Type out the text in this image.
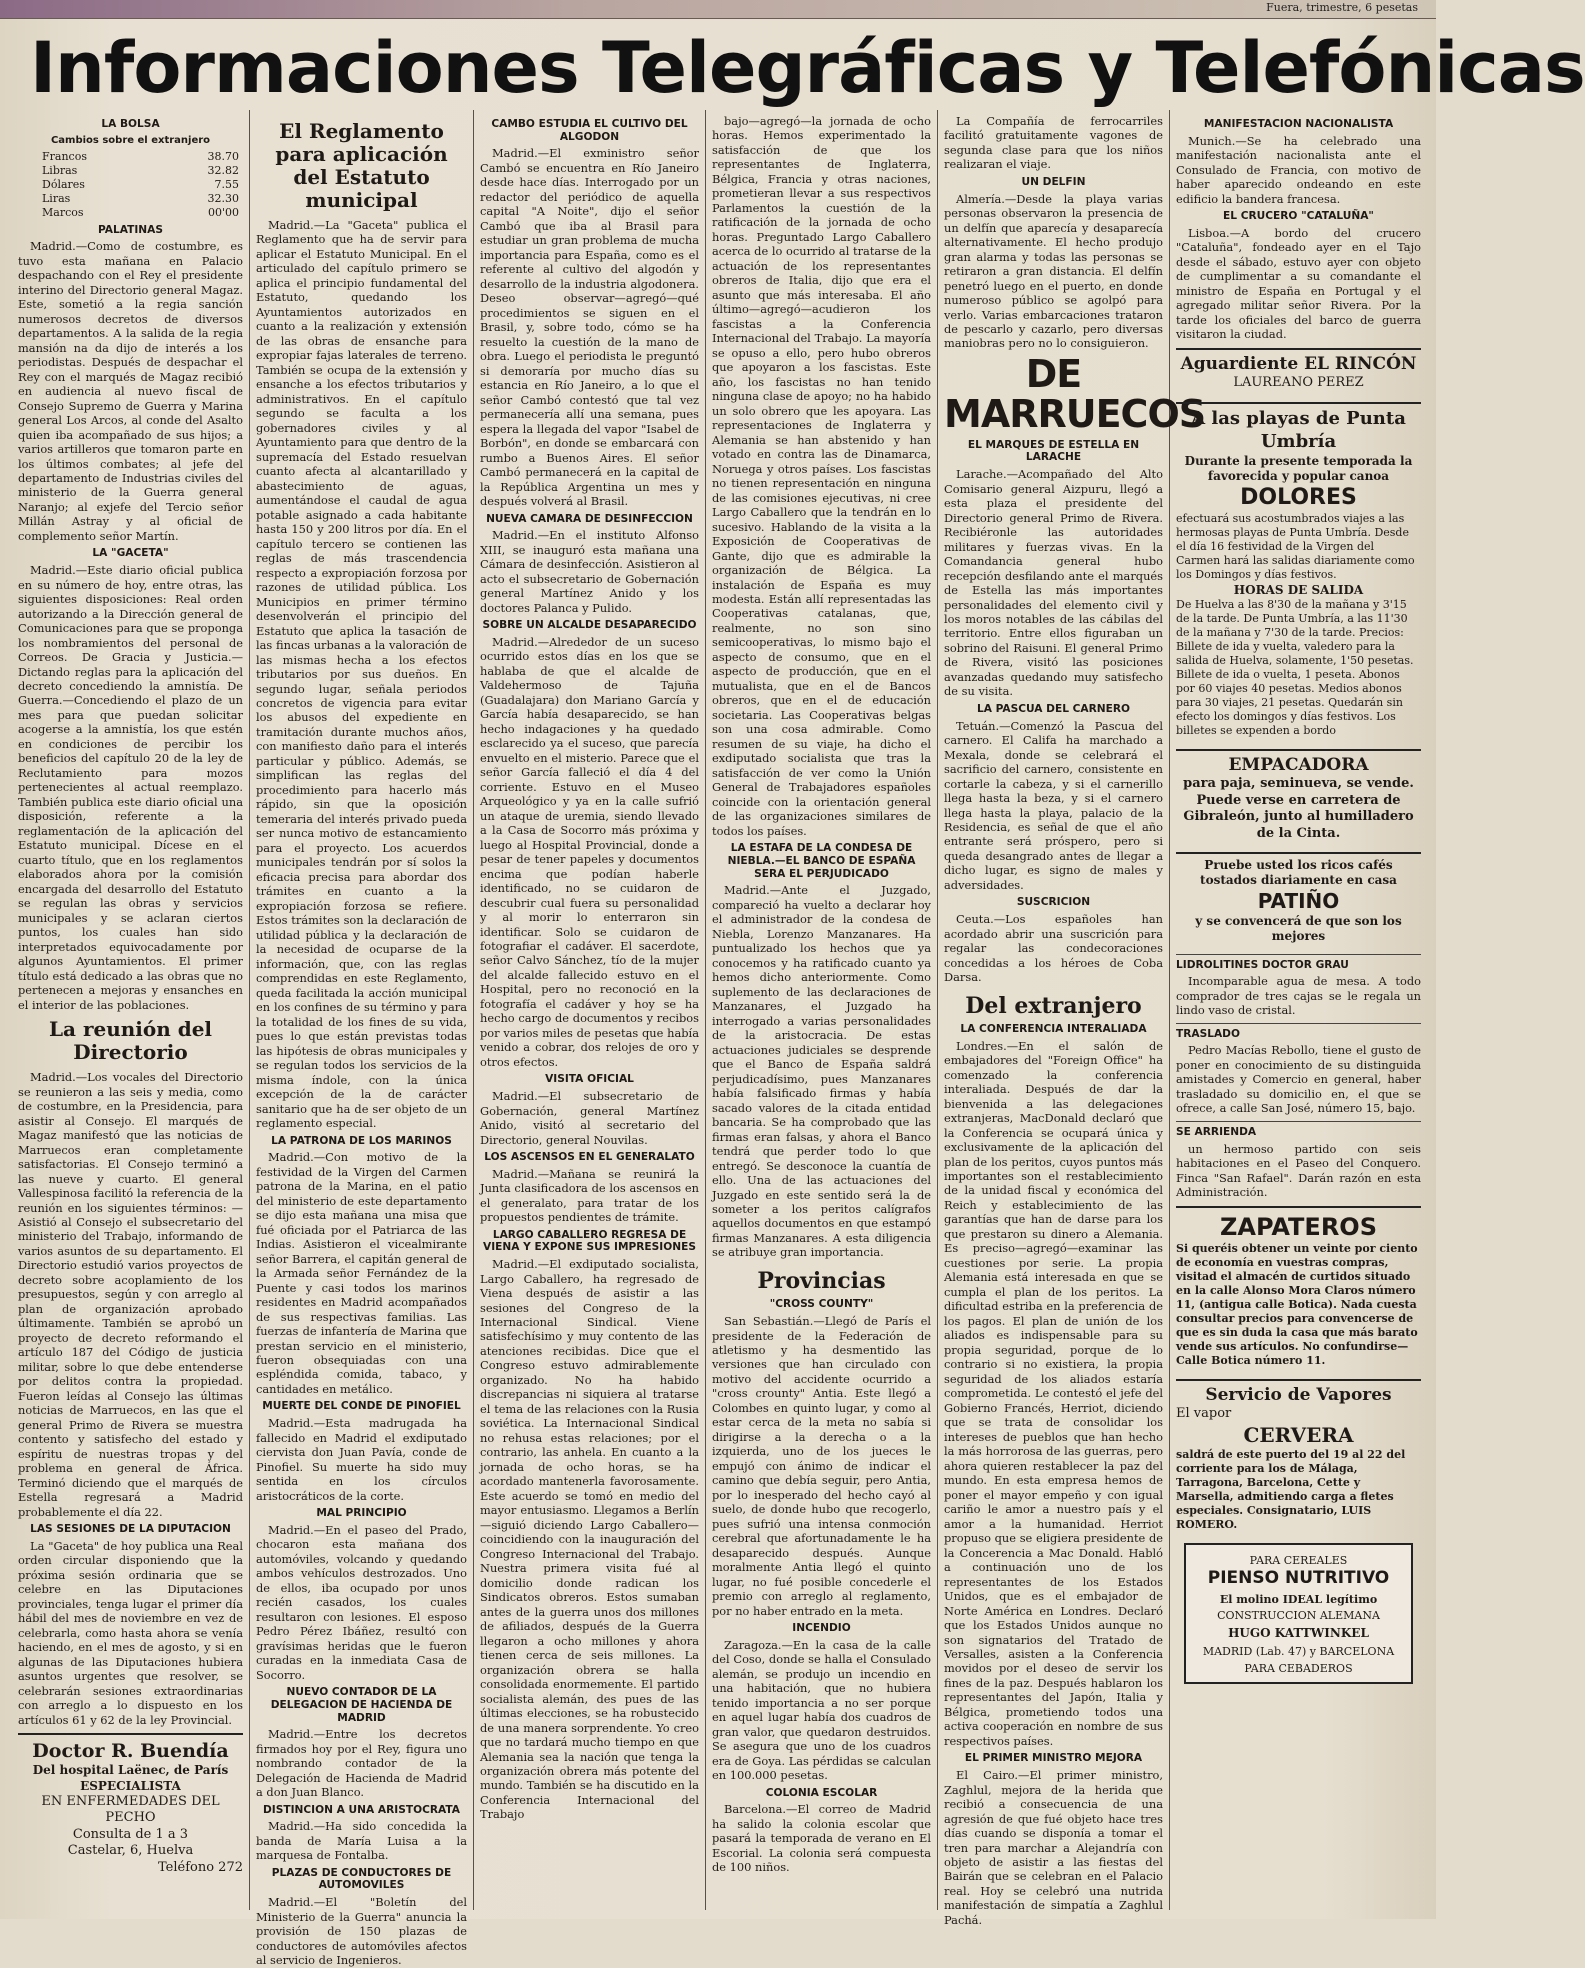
Fuera, trimestre, 6 pesetas
Informaciones Telegráficas y Telefónicas
LA BOLSA
Cambios sobre el extranjero
Francos	38.70
Libras	32.82
Dólares	7.55
Liras	32.30
Marcos	00'00
PALATINAS

Madrid.—Como de costumbre, es tuvo esta mañana en Palacio despachando con el Rey el presidente interino del Directorio general Magaz. Este, sometió a la regia sanción numerosos decretos de diversos departamentos. A la salida de la regia mansión na da dijo de interés a los periodistas. Después de despachar el Rey con el marqués de Magaz recibió en audiencia al nuevo fiscal de Consejo Supremo de Guerra y Marina general Los Arcos, al conde del Asalto quien iba acompañado de sus hijos; a varios artilleros que tomaron parte en los últimos combates; al jefe del departamento de Industrias civiles del ministerio de la Guerra general Naranjo; al exjefe del Tercio señor Millán Astray y al oficial de complemento señor Martín.

LA "GACETA"

Madrid.—Este diario oficial publica en su número de hoy, entre otras, las siguientes disposiciones: Real orden autorizando a la Dirección general de Comunicaciones para que se proponga los nombramientos del personal de Correos. De Gracia y Justicia.—Dictando reglas para la aplicación del decreto concediendo la amnistía. De Guerra.—Concediendo el plazo de un mes para que puedan solicitar acogerse a la amnistía, los que estén en condiciones de percibir los beneficios del capítulo 20 de la ley de Reclutamiento para mozos pertenecientes al actual reemplazo. También publica este diario oficial una disposición, referente a la reglamentación de la aplicación del Estatuto municipal. Dícese en el cuarto título, que en los reglamentos elaborados ahora por la comisión encargada del desarrollo del Estatuto se regulan las obras y servicios municipales y se aclaran ciertos puntos, los cuales han sido interpretados equivocadamente por algunos Ayuntamientos. El primer título está dedicado a las obras que no pertenecen a mejoras y ensanches en el interior de las poblaciones.

La reunión del Directorio

Madrid.—Los vocales del Directorio se reunieron a las seis y media, como de costumbre, en la Presidencia, para asistir al Consejo. El marqués de Magaz manifestó que las noticias de Marruecos eran completamente satisfactorias. El Consejo terminó a las nueve y cuarto. El general Vallespinosa facilitó la referencia de la reunión en los siguientes términos: —Asistió al Consejo el subsecretario del ministerio del Trabajo, informando de varios asuntos de su departamento. El Directorio estudió varios proyectos de decreto sobre acoplamiento de los presupuestos, según y con arreglo al plan de organización aprobado últimamente. También se aprobó un proyecto de decreto reformando el artículo 187 del Código de justicia militar, sobre lo que debe entenderse por delitos contra la propiedad. Fueron leídas al Consejo las últimas noticias de Marruecos, en las que el general Primo de Rivera se muestra contento y satisfecho del estado y espíritu de nuestras tropas y del problema en general de África. Terminó diciendo que el marqués de Estella regresará a Madrid probablemente el día 22.

LAS SESIONES DE LA DIPUTACION

La "Gaceta" de hoy publica una Real orden circular disponiendo que la próxima sesión ordinaria que se celebre en las Diputaciones provinciales, tenga lugar el primer día hábil del mes de noviembre en vez de celebrarla, como hasta ahora se venía haciendo, en el mes de agosto, y si en algunas de las Diputaciones hubiera asuntos urgentes que resolver, se celebrarán sesiones extraordinarias con arreglo a lo dispuesto en los artículos 61 y 62 de la ley Provincial.

Doctor R. Buendía
Del hospital Laënec, de París
ESPECIALISTA
EN ENFERMEDADES DEL PECHO
Consulta de 1 a 3
Castelar, 6, Huelva
Teléfono 272
El Reglamento para aplicación del Estatuto municipal

Madrid.—La "Gaceta" publica el Reglamento que ha de servir para aplicar el Estatuto Municipal. En el articulado del capítulo primero se aplica el principio fundamental del Estatuto, quedando los Ayuntamientos autorizados en cuanto a la realización y extensión de las obras de ensanche para expropiar fajas laterales de terreno. También se ocupa de la extensión y ensanche a los efectos tributarios y administrativos. En el capítulo segundo se faculta a los gobernadores civiles y al Ayuntamiento para que dentro de la supremacía del Estado resuelvan cuanto afecta al alcantarillado y abastecimiento de aguas, aumentándose el caudal de agua potable asignado a cada habitante hasta 150 y 200 litros por día. En el capítulo tercero se contienen las reglas de más trascendencia respecto a expropiación forzosa por razones de utilidad pública. Los Municipios en primer término desenvolverán el principio del Estatuto que aplica la tasación de las fincas urbanas a la valoración de las mismas hecha a los efectos tributarios por sus dueños. En segundo lugar, señala periodos concretos de vigencia para evitar los abusos del expediente en tramitación durante muchos años, con manifiesto daño para el interés particular y público. Además, se simplifican las reglas del procedimiento para hacerlo más rápido, sin que la oposición temeraria del interés privado pueda ser nunca motivo de estancamiento para el proyecto. Los acuerdos municipales tendrán por sí solos la eficacia precisa para abordar dos trámites en cuanto a la expropiación forzosa se refiere. Estos trámites son la declaración de utilidad pública y la declaración de la necesidad de ocuparse de la información, que, con las reglas comprendidas en este Reglamento, queda facilitada la acción municipal en los confines de su término y para la totalidad de los fines de su vida, pues lo que están previstas todas las hipótesis de obras municipales y se regulan todos los servicios de la misma índole, con la única excepción de la de carácter sanitario que ha de ser objeto de un reglamento especial.

LA PATRONA DE LOS MARINOS

Madrid.—Con motivo de la festividad de la Virgen del Carmen patrona de la Marina, en el patio del ministerio de este departamento se dijo esta mañana una misa que fué oficiada por el Patriarca de las Indias. Asistieron el vicealmirante señor Barrera, el capitán general de la Armada señor Fernández de la Puente y casi todos los marinos residentes en Madrid acompañados de sus respectivas familias. Las fuerzas de infantería de Marina que prestan servicio en el ministerio, fueron obsequiadas con una espléndida comida, tabaco, y cantidades en metálico.

MUERTE DEL CONDE DE PINOFIEL

Madrid.—Esta madrugada ha fallecido en Madrid el exdiputado ciervista don Juan Pavía, conde de Pinofiel. Su muerte ha sido muy sentida en los círculos aristocráticos de la corte.

MAL PRINCIPIO

Madrid.—En el paseo del Prado, chocaron esta mañana dos automóviles, volcando y quedando ambos vehículos destrozados. Uno de ellos, iba ocupado por unos recién casados, los cuales resultaron con lesiones. El esposo Pedro Pérez Ibáñez, resultó con gravísimas heridas que le fueron curadas en la inmediata Casa de Socorro.

NUEVO CONTADOR DE LA DELEGACION DE HACIENDA DE MADRID

Madrid.—Entre los decretos firmados hoy por el Rey, figura uno nombrando contador de la Delegación de Hacienda de Madrid a don Juan Blanco.

DISTINCION A UNA ARISTOCRATA

Madrid.—Ha sido concedida la banda de María Luisa a la marquesa de Fontalba.

PLAZAS DE CONDUCTORES DE AUTOMOVILES

Madrid.—El "Boletín del Ministerio de la Guerra" anuncia la provisión de 150 plazas de conductores de automóviles afectos al servicio de Ingenieros.

CAMBO ESTUDIA EL CULTIVO DEL ALGODON

Madrid.—El exministro señor Cambó se encuentra en Río Janeiro desde hace días. Interrogado por un redactor del periódico de aquella capital "A Noite", dijo el señor Cambó que iba al Brasil para estudiar un gran problema de mucha importancia para España, como es el referente al cultivo del algodón y desarrollo de la industria algodonera. Deseo observar—agregó—qué procedimientos se siguen en el Brasil, y, sobre todo, cómo se ha resuelto la cuestión de la mano de obra. Luego el periodista le preguntó si demoraría por mucho días su estancia en Río Janeiro, a lo que el señor Cambó contestó que tal vez permanecería allí una semana, pues espera la llegada del vapor "Isabel de Borbón", en donde se embarcará con rumbo a Buenos Aires. El señor Cambó permanecerá en la capital de la República Argentina un mes y después volverá al Brasil.

NUEVA CAMARA DE DESINFECCION

Madrid.—En el instituto Alfonso XIII, se inauguró esta mañana una Cámara de desinfección. Asistieron al acto el subsecretario de Gobernación general Martínez Anido y los doctores Palanca y Pulido.

SOBRE UN ALCALDE DESAPARECIDO

Madrid.—Alrededor de un suceso ocurrido estos días en los que se hablaba de que el alcalde de Valdehermoso de Tajuña (Guadalajara) don Mariano García y García había desaparecido, se han hecho indagaciones y ha quedado esclarecido ya el suceso, que parecía envuelto en el misterio. Parece que el señor García falleció el día 4 del corriente. Estuvo en el Museo Arqueológico y ya en la calle sufrió un ataque de uremia, siendo llevado a la Casa de Socorro más próxima y luego al Hospital Provincial, donde a pesar de tener papeles y documentos encima que podían haberle identificado, no se cuidaron de descubrir cual fuera su personalidad y al morir lo enterraron sin identificar. Solo se cuidaron de fotografiar el cadáver. El sacerdote, señor Calvo Sánchez, tío de la mujer del alcalde fallecido estuvo en el Hospital, pero no reconoció en la fotografía el cadáver y hoy se ha hecho cargo de documentos y recibos por varios miles de pesetas que había venido a cobrar, dos relojes de oro y otros efectos.

VISITA OFICIAL

Madrid.—El subsecretario de Gobernación, general Martínez Anido, visitó al secretario del Directorio, general Nouvilas.

LOS ASCENSOS EN EL GENERALATO

Madrid.—Mañana se reunirá la Junta clasificadora de los ascensos en el generalato, para tratar de los propuestos pendientes de trámite.

LARGO CABALLERO REGRESA DE VIENA Y EXPONE SUS IMPRESIONES

Madrid.—El exdiputado socialista, Largo Caballero, ha regresado de Viena después de asistir a las sesiones del Congreso de la Internacional Sindical. Viene satisfechísimo y muy contento de las atenciones recibidas. Dice que el Congreso estuvo admirablemente organizado. No ha habido discrepancias ni siquiera al tratarse el tema de las relaciones con la Rusia soviética. La Internacional Sindical no rehusa estas relaciones; por el contrario, las anhela. En cuanto a la jornada de ocho horas, se ha acordado mantenerla favorosamente. Este acuerdo se tomó en medio del mayor entusiasmo. Llegamos a Berlín—siguió diciendo Largo Caballero—coincidiendo con la inauguración del Congreso Internacional del Trabajo. Nuestra primera visita fué al domicilio donde radican los Sindicatos obreros. Estos sumaban antes de la guerra unos dos millones de afiliados, después de la Guerra llegaron a ocho millones y ahora tienen cerca de seis millones. La organización obrera se halla consolidada enormemente. El partido socialista alemán, des pues de las últimas elecciones, se ha robustecido de una manera sorprendente. Yo creo que no tardará mucho tiempo en que Alemania sea la nación que tenga la organización obrera más potente del mundo. También se ha discutido en la Conferencia Internacional del Trabajo

bajo—agregó—la jornada de ocho horas. Hemos experimentado la satisfacción de que los representantes de Inglaterra, Bélgica, Francia y otras naciones, prometieran llevar a sus respectivos Parlamentos la cuestión de la ratificación de la jornada de ocho horas. Preguntado Largo Caballero acerca de lo ocurrido al tratarse de la actuación de los representantes obreros de Italia, dijo que era el asunto que más interesaba. El año último—agregó—acudieron los fascistas a la Conferencia Internacional del Trabajo. La mayoría se opuso a ello, pero hubo obreros que apoyaron a los fascistas. Este año, los fascistas no han tenido ninguna clase de apoyo; no ha habido un solo obrero que les apoyara. Las representaciones de Inglaterra y Alemania se han abstenido y han votado en contra las de Dinamarca, Noruega y otros países. Los fascistas no tienen representación en ninguna de las comisiones ejecutivas, ni cree Largo Caballero que la tendrán en lo sucesivo. Hablando de la visita a la Exposición de Cooperativas de Gante, dijo que es admirable la organización de Bélgica. La instalación de España es muy modesta. Están allí representadas las Cooperativas catalanas, que, realmente, no son sino semicooperativas, lo mismo bajo el aspecto de consumo, que en el aspecto de producción, que en el mutualista, que en el de Bancos obreros, que en el de educación societaria. Las Cooperativas belgas son una cosa admirable. Como resumen de su viaje, ha dicho el exdiputado socialista que tras la satisfacción de ver como la Unión General de Trabajadores españoles coincide con la orientación general de las organizaciones similares de todos los países.

LA ESTAFA DE LA CONDESA DE NIEBLA.—EL BANCO DE ESPAÑA SERA EL PERJUDICADO

Madrid.—Ante el Juzgado, compareció ha vuelto a declarar hoy el administrador de la condesa de Niebla, Lorenzo Manzanares. Ha puntualizado los hechos que ya conocemos y ha ratificado cuanto ya hemos dicho anteriormente. Como suplemento de las declaraciones de Manzanares, el Juzgado ha interrogado a varias personalidades de la aristocracia. De estas actuaciones judiciales se desprende que el Banco de España saldrá perjudicadísimo, pues Manzanares había falsificado firmas y había sacado valores de la citada entidad bancaria. Se ha comprobado que las firmas eran falsas, y ahora el Banco tendrá que perder todo lo que entregó. Se desconoce la cuantía de ello. Una de las actuaciones del Juzgado en este sentido será la de someter a los peritos calígrafos aquellos documentos en que estampó firmas Manzanares. A esta diligencia se atribuye gran importancia.

Provincias
"CROSS COUNTY"

San Sebastián.—Llegó de París el presidente de la Federación de atletismo y ha desmentido las versiones que han circulado con motivo del accidente ocurrido a "cross crounty" Antia. Este llegó a Colombes en quinto lugar, y como al estar cerca de la meta no sabía si dirigirse a la derecha o a la izquierda, uno de los jueces le empujó con ánimo de indicar el camino que debía seguir, pero Antia, por lo inesperado del hecho cayó al suelo, de donde hubo que recogerlo, pues sufrió una intensa conmoción cerebral que afortunadamente le ha desaparecido después. Aunque moralmente Antia llegó el quinto lugar, no fué posible concederle el premio con arreglo al reglamento, por no haber entrado en la meta.

INCENDIO

Zaragoza.—En la casa de la calle del Coso, donde se halla el Consulado alemán, se produjo un incendio en una habitación, que no hubiera tenido importancia a no ser porque en aquel lugar había dos cuadros de gran valor, que quedaron destruidos. Se asegura que uno de los cuadros era de Goya. Las pérdidas se calculan en 100.000 pesetas.

COLONIA ESCOLAR

Barcelona.—El correo de Madrid ha salido la colonia escolar que pasará la temporada de verano en El Escorial. La colonia será compuesta de 100 niños.

La Compañía de ferrocarriles facilitó gratuitamente vagones de segunda clase para que los niños realizaran el viaje.

UN DELFIN

Almería.—Desde la playa varias personas observaron la presencia de un delfín que aparecía y desaparecía alternativamente. El hecho produjo gran alarma y todas las personas se retiraron a gran distancia. El delfín penetró luego en el puerto, en donde numeroso público se agolpó para verlo. Varias embarcaciones trataron de pescarlo y cazarlo, pero diversas maniobras pero no lo consiguieron.

DE MARRUECOS
EL MARQUES DE ESTELLA EN LARACHE

Larache.—Acompañado del Alto Comisario general Aizpuru, llegó a esta plaza el presidente del Directorio general Primo de Rivera. Recibiéronle las autoridades militares y fuerzas vivas. En la Comandancia general hubo recepción desfilando ante el marqués de Estella las más importantes personalidades del elemento civil y los moros notables de las cábilas del territorio. Entre ellos figuraban un sobrino del Raisuni. El general Primo de Rivera, visitó las posiciones avanzadas quedando muy satisfecho de su visita.

LA PASCUA DEL CARNERO

Tetuán.—Comenzó la Pascua del carnero. El Califa ha marchado a Mexala, donde se celebrará el sacrificio del carnero, consistente en cortarle la cabeza, y si el carnerillo llega hasta la beza, y si el carnero llega hasta la playa, palacio de la Residencia, es señal de que el año entrante será próspero, pero si queda desangrado antes de llegar a dicho lugar, es signo de males y adversidades.

SUSCRICION

Ceuta.—Los españoles han acordado abrir una suscrición para regalar las condecoraciones concedidas a los héroes de Coba Darsa.

Del extranjero
LA CONFERENCIA INTERALIADA

Londres.—En el salón de embajadores del "Foreign Office" ha comenzado la conferencia interaliada. Después de dar la bienvenida a las delegaciones extranjeras, MacDonald declaró que la Conferencia se ocupará única y exclusivamente de la aplicación del plan de los peritos, cuyos puntos más importantes son el restablecimiento de la unidad fiscal y económica del Reich y establecimiento de las garantías que han de darse para los que prestaron su dinero a Alemania. Es preciso—agregó—examinar las cuestiones por serie. La propia Alemania está interesada en que se cumpla el plan de los peritos. La dificultad estriba en la preferencia de los pagos. El plan de unión de los aliados es indispensable para su propia seguridad, porque de lo contrario si no existiera, la propia seguridad de los aliados estaría comprometida. Le contestó el jefe del Gobierno Francés, Herriot, diciendo que se trata de consolidar los intereses de pueblos que han hecho la más horrorosa de las guerras, pero ahora quieren restablecer la paz del mundo. En esta empresa hemos de poner el mayor empeño y con igual cariño le amor a nuestro país y el amor a la humanidad. Herriot propuso que se eligiera presidente de la Concerencia a Mac Donald. Habló a continuación uno de los representantes de los Estados Unidos, que es el embajador de Norte América en Londres. Declaró que los Estados Unidos aunque no son signatarios del Tratado de Versalles, asisten a la Conferencia movidos por el deseo de servir los fines de la paz. Después hablaron los representantes del Japón, Italia y Bélgica, prometiendo todos una activa cooperación en nombre de sus respectivos países.

EL PRIMER MINISTRO MEJORA

El Cairo.—El primer ministro, Zaghlul, mejora de la herida que recibió a consecuencia de una agresión de que fué objeto hace tres días cuando se disponía a tomar el tren para marchar a Alejandría con objeto de asistir a las fiestas del Bairán que se celebran en el Palacio real. Hoy se celebró una nutrida manifestación de simpatía a Zaghlul Pachá.

MANIFESTACION NACIONALISTA

Munich.—Se ha celebrado una manifestación nacionalista ante el Consulado de Francia, con motivo de haber aparecido ondeando en este edificio la bandera francesa.

EL CRUCERO "CATALUÑA"

Lisboa.—A bordo del crucero "Cataluña", fondeado ayer en el Tajo desde el sábado, estuvo ayer con objeto de cumplimentar a su comandante el ministro de España en Portugal y el agregado militar señor Rivera. Por la tarde los oficiales del barco de guerra visitaron la ciudad.

Aguardiente EL RINCÓN
LAUREANO PEREZ
A las playas de Punta Umbría
Durante la presente temporada la favorecida y popular canoa
DOLORES

efectuará sus acostumbrados viajes a las hermosas playas de Punta Umbría. Desde el día 16 festividad de la Virgen del Carmen hará las salidas diariamente como los Domingos y días festivos.

HORAS DE SALIDA

De Huelva a las 8'30 de la mañana y 3'15 de la tarde. De Punta Umbría, a las 11'30 de la mañana y 7'30 de la tarde. Precios: Billete de ida y vuelta, valedero para la salida de Huelva, solamente, 1'50 pesetas. Billete de ida o vuelta, 1 peseta. Abonos por 60 viajes 40 pesetas. Medios abonos para 30 viajes, 21 pesetas. Quedarán sin efecto los domingos y días festivos. Los billetes se expenden a bordo

EMPACADORA
para paja, seminueva, se vende. Puede verse en carretera de Gibraleón, junto al humilladero de la Cinta.
Pruebe usted los ricos cafés tostados diariamente en casa
PATIÑO
y se convencerá de que son los mejores
LIDROLITINES DOCTOR GRAU

Incomparable agua de mesa. A todo comprador de tres cajas se le regala un lindo vaso de cristal.

TRASLADO

Pedro Macías Rebollo, tiene el gusto de poner en conocimiento de su distinguida amistades y Comercio en general, haber trasladado su domicilio en, el que se ofrece, a calle San José, número 15, bajo.

SE ARRIENDA

un hermoso partido con seis habitaciones en el Paseo del Conquero. Finca "San Rafael". Darán razón en esta Administración.

ZAPATEROS

Si queréis obtener un veinte por ciento de economía en vuestras compras, visitad el almacén de curtidos situado en la calle Alonso Mora Claros número 11, (antigua calle Botica). Nada cuesta consultar precios para convencerse de que es sin duda la casa que más barato vende sus artículos. No confundirse—Calle Botica número 11.

Servicio de Vapores
El vapor
CERVERA

saldrá de este puerto del 19 al 22 del corriente para los de Málaga, Tarragona, Barcelona, Cette y Marsella, admitiendo carga a fletes especiales. Consignatario, LUIS ROMERO.

PARA CEREALES
PIENSO NUTRITIVO
El molino IDEAL legítimo
CONSTRUCCION ALEMANA
HUGO KATTWINKEL
MADRID (Lab. 47) y BARCELONA
PARA CEBADEROS
